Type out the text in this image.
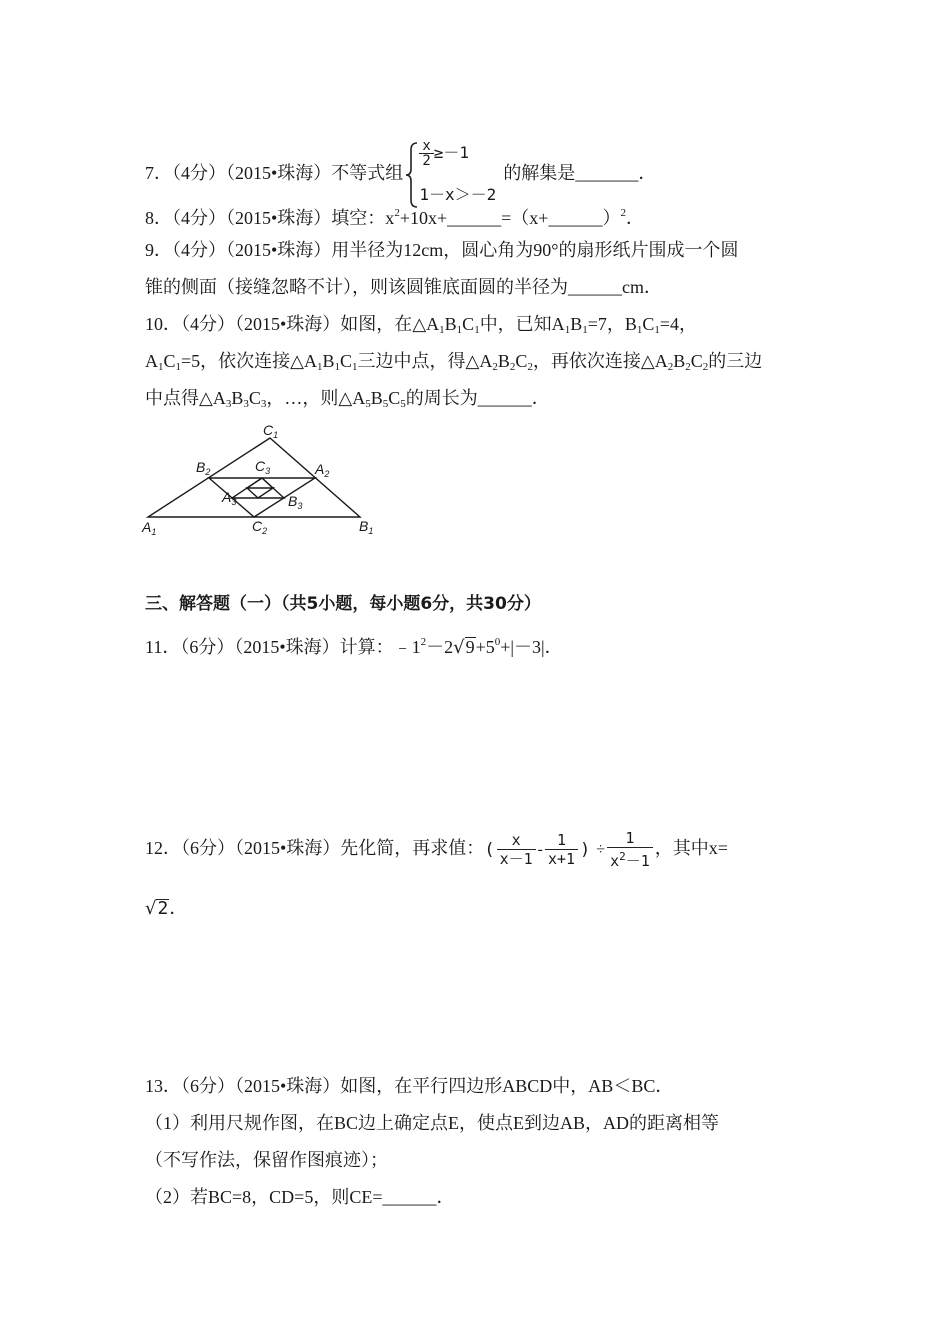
7．（4分）（2015•珠海）不等式组
$\frac{x}{2} \ge-1$
1－x＞－2
的解集是_______．
8．（4分）（2015•珠海）填空：$x^2+10x+\_\_\_\_\_\_=(x+\_\_\_\_\_\_)^2$．
9．（4分）（2015•珠海）用半径为12cm，圆心角为90°的扇形纸片围成一个圆
锥的侧面（接缝忽略不计），则该圆锥底面圆的半径为______cm．
10．（4分）（2015•珠海）如图，在$\triangle A_1B_1C_1$中，已知$A_1B_1=7$，$B_1C_1=4$，
$A_1C_1=5$，依次连接$\triangle A_1B_1C_1$三边中点，得$\triangle A_2B_2C_2$，再依次连接$\triangle A_2B_2C_2$的三边
中点得$\triangle A_3B_3C_3$，…，则$\triangle A_5B_5C_5$的周长为______．
$C_1$
$B_2$	$C_3$	$A_2$
$A_3$	$B_3$
$A_1$	$C_2$	$B_1$
三、解答题（一）（共5小题，每小题6分，共30分）
11．（6分）（2015•珠海）计算：$﹣1^2-2√9+5^0+|-3|$．
12．（6分）（2015•珠海）先化简，再求值：( $\frac{x}{x-1} - \frac{1}{x+1}$ ) ÷ $\frac{1}{x^2-1}$ ，其中x=
√2．
13．（6分）（2015•珠海）如图，在平行四边形ABCD中，AB＜BC．
（1）利用尺规作图，在BC边上确定点E，使点E到边AB，AD的距离相等
（不写作法，保留作图痕迹）；
（2）若BC=8，CD=5，则CE=______．
